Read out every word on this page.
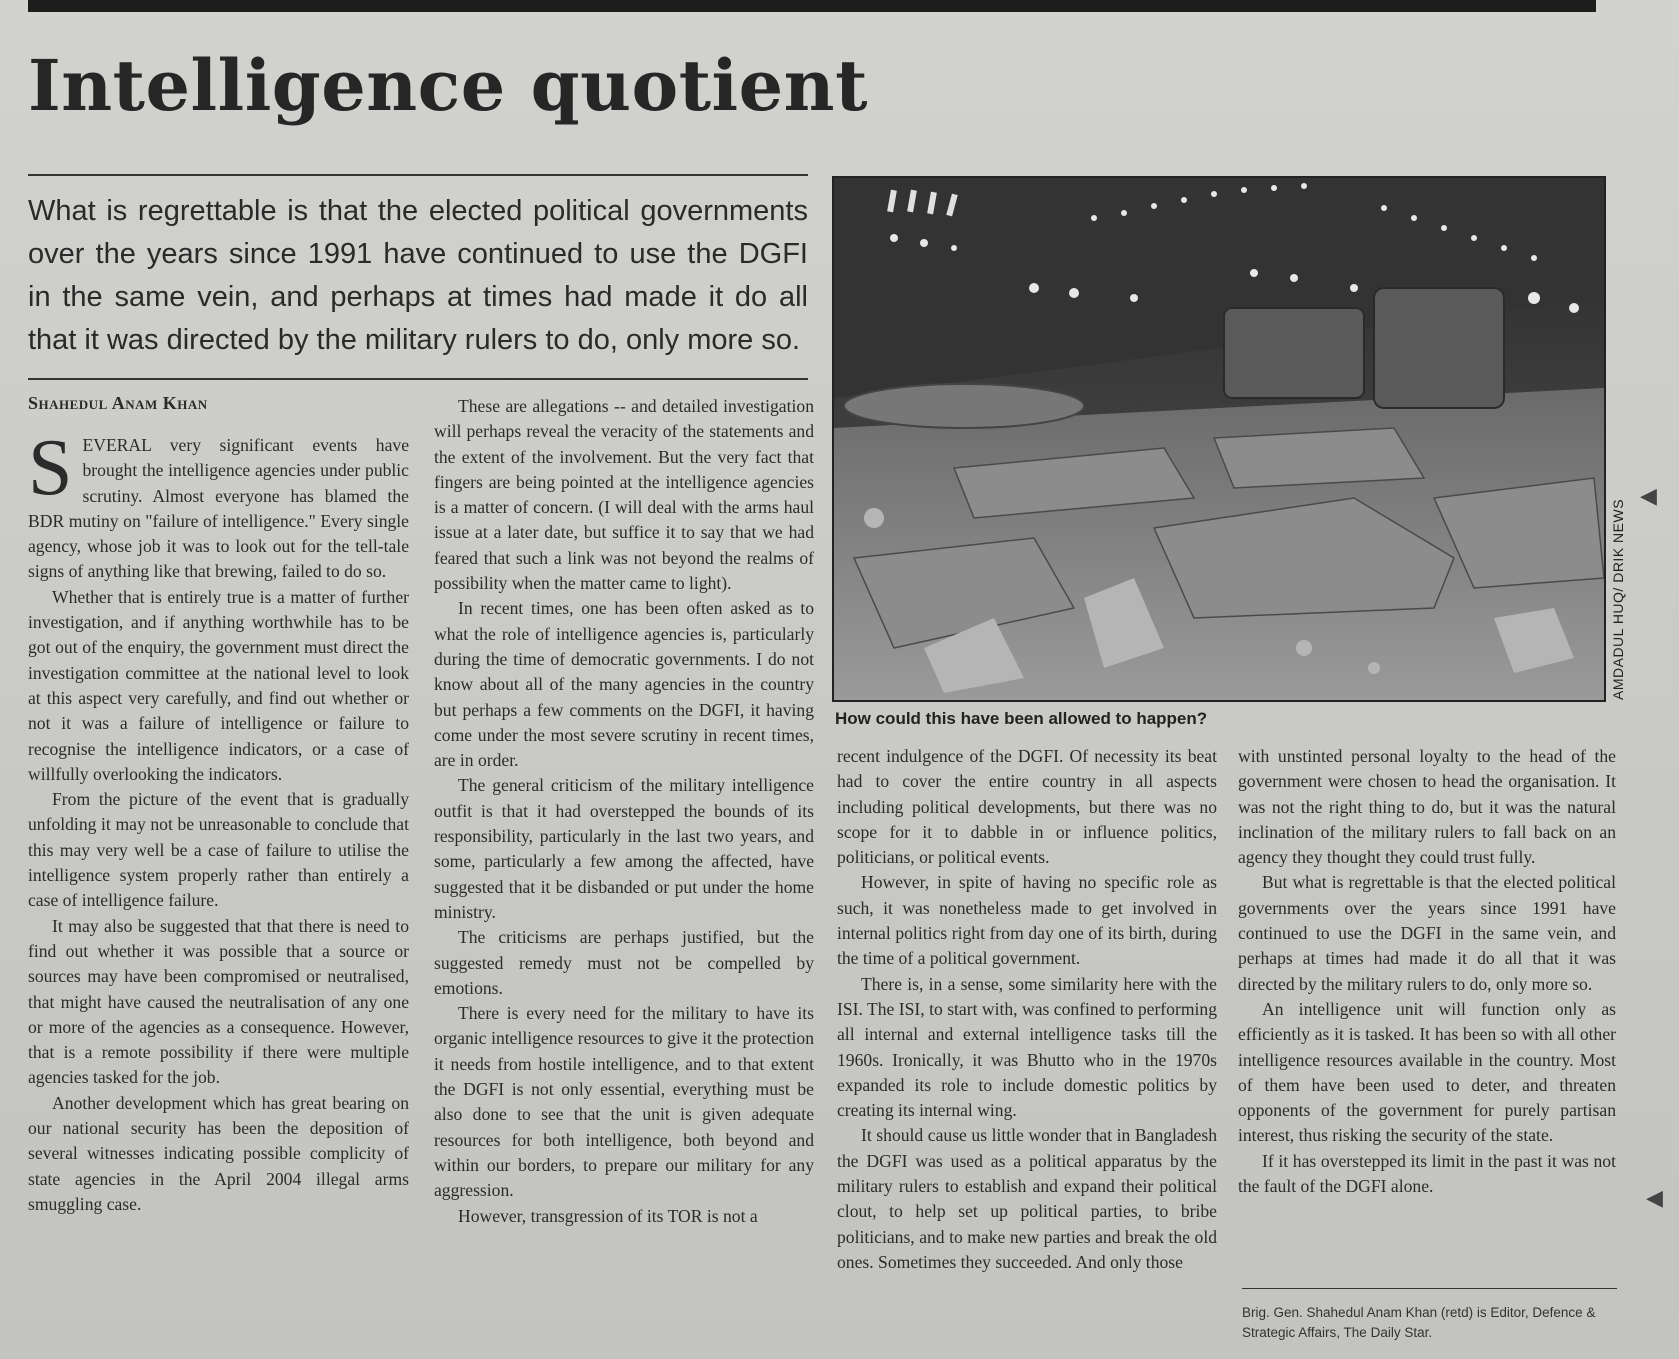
Intelligence quotient

What is regrettable is that the elected political governments over the years since 1991 have continued to use the DGFI in the same vein, and perhaps at times had made it do all that it was directed by the military rulers to do, only more so.

Shahedul Anam Khan

SEVERAL very significant events have brought the intelligence agencies under public scrutiny. Almost everyone has blamed the BDR mutiny on "failure of intelligence." Every single agency, whose job it was to look out for the tell-tale signs of anything like that brewing, failed to do so.

Whether that is entirely true is a matter of further investigation, and if anything worthwhile has to be got out of the enquiry, the government must direct the investigation committee at the national level to look at this aspect very carefully, and find out whether or not it was a failure of intelligence or failure to recognise the intelligence indicators, or a case of willfully overlooking the indicators.

From the picture of the event that is gradually unfolding it may not be unreasonable to conclude that this may very well be a case of failure to utilise the intelligence system properly rather than entirely a case of intelligence failure.

It may also be suggested that that there is need to find out whether it was possible that a source or sources may have been compromised or neutralised, that might have caused the neutralisation of any one or more of the agencies as a consequence. However, that is a remote possibility if there were multiple agencies tasked for the job.

Another development which has great bearing on our national security has been the deposition of several witnesses indicating possible complicity of state agencies in the April 2004 illegal arms smuggling case.

These are allegations -- and detailed investigation will perhaps reveal the veracity of the statements and the extent of the involvement. But the very fact that fingers are being pointed at the intelligence agencies is a matter of concern. (I will deal with the arms haul issue at a later date, but suffice it to say that we had feared that such a link was not beyond the realms of possibility when the matter came to light).

In recent times, one has been often asked as to what the role of intelligence agencies is, particularly during the time of democratic governments. I do not know about all of the many agencies in the country but perhaps a few comments on the DGFI, it having come under the most severe scrutiny in recent times, are in order.

The general criticism of the military intelligence outfit is that it had overstepped the bounds of its responsibility, particularly in the last two years, and some, particularly a few among the affected, have suggested that it be disbanded or put under the home ministry.

The criticisms are perhaps justified, but the suggested remedy must not be compelled by emotions.

There is every need for the military to have its organic intelligence resources to give it the protection it needs from hostile intelligence, and to that extent the DGFI is not only essential, everything must be also done to see that the unit is given adequate resources for both intelligence, both beyond and within our borders, to prepare our military for any aggression.

However, transgression of its TOR is not a

AMDADUL HUQ/ DRIK NEWS
How could this have been allowed to happen?

recent indulgence of the DGFI. Of necessity its beat had to cover the entire country in all aspects including political developments, but there was no scope for it to dabble in or influence politics, politicians, or political events.

However, in spite of having no specific role as such, it was nonetheless made to get involved in internal politics right from day one of its birth, during the time of a political government.

There is, in a sense, some similarity here with the ISI. The ISI, to start with, was confined to performing all internal and external intelligence tasks till the 1960s. Ironically, it was Bhutto who in the 1970s expanded its role to include domestic politics by creating its internal wing.

It should cause us little wonder that in Bangladesh the DGFI was used as a political apparatus by the military rulers to establish and expand their political clout, to help set up political parties, to bribe politicians, and to make new parties and break the old ones. Sometimes they succeeded. And only those

with unstinted personal loyalty to the head of the government were chosen to head the organisation. It was not the right thing to do, but it was the natural inclination of the military rulers to fall back on an agency they thought they could trust fully.

But what is regrettable is that the elected political governments over the years since 1991 have continued to use the DGFI in the same vein, and perhaps at times had made it do all that it was directed by the military rulers to do, only more so.

An intelligence unit will function only as efficiently as it is tasked. It has been so with all other intelligence resources available in the country. Most of them have been used to deter, and threaten opponents of the government for purely partisan interest, thus risking the security of the state.

If it has overstepped its limit in the past it was not the fault of the DGFI alone.

Brig. Gen. Shahedul Anam Khan (retd) is Editor, Defence & Strategic Affairs, The Daily Star.
◀
◀
